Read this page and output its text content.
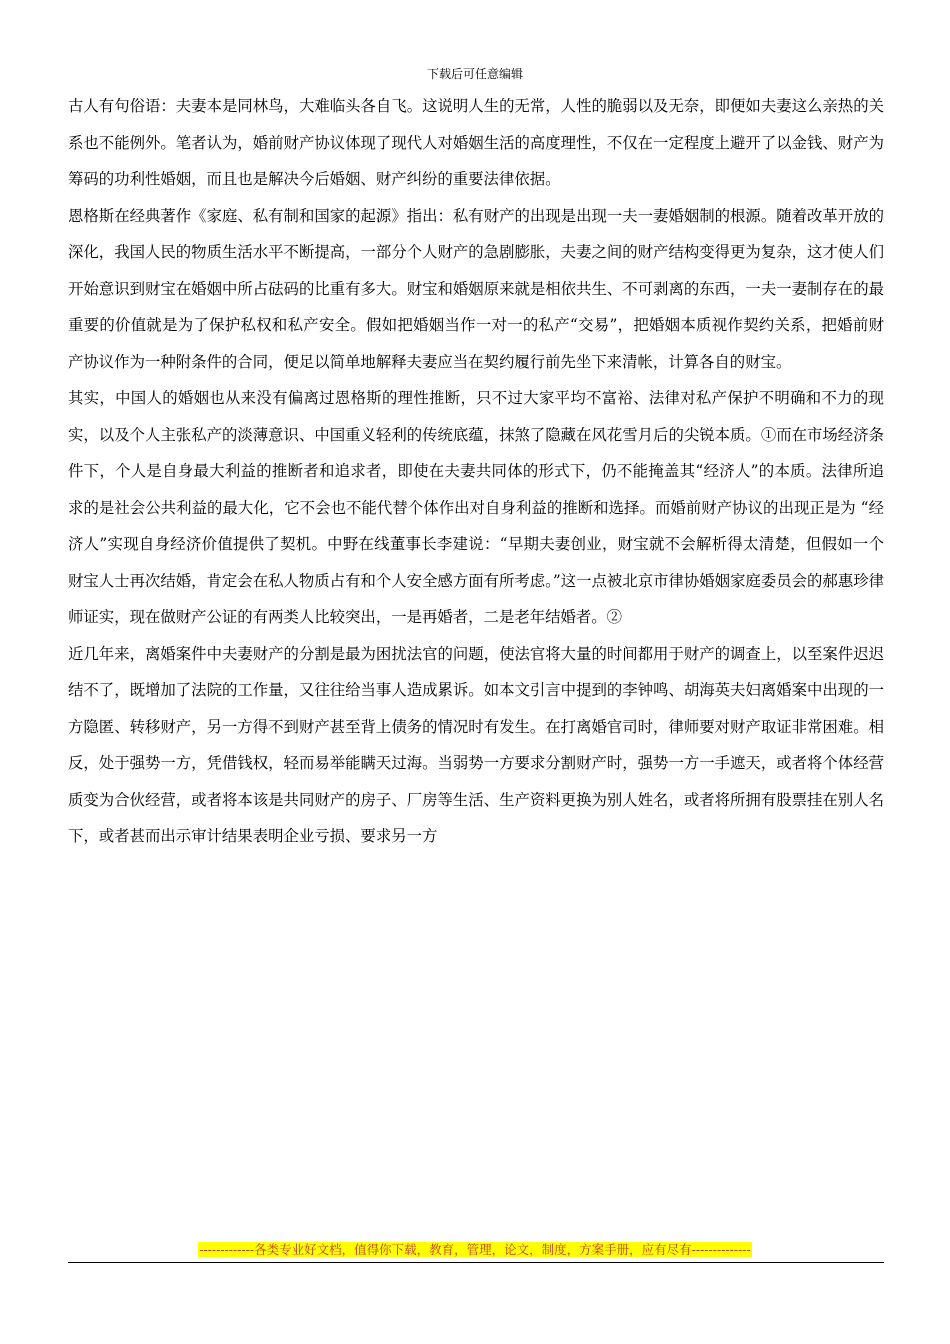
下载后可任意编辑

古人有句俗语：夫妻本是同林鸟，大难临头各自飞。这说明人生的无常，人性的脆弱以及无奈，即便如夫妻这么亲热的关系也不能例外。笔者认为，婚前财产协议体现了现代人对婚姻生活的高度理性，不仅在一定程度上避开了以金钱、财产为筹码的功利性婚姻，而且也是解决今后婚姻、财产纠纷的重要法律依据。

恩格斯在经典著作《家庭、私有制和国家的起源》指出：私有财产的出现是出现一夫一妻婚姻制的根源。随着改革开放的深化，我国人民的物质生活水平不断提高，一部分个人财产的急剧膨胀，夫妻之间的财产结构变得更为复杂，这才使人们开始意识到财宝在婚姻中所占砝码的比重有多大。财宝和婚姻原来就是相依共生、不可剥离的东西，一夫一妻制存在的最重要的价值就是为了保护私权和私产安全。假如把婚姻当作一对一的私产“交易”，把婚姻本质视作契约关系，把婚前财产协议作为一种附条件的合同，便足以简单地解释夫妻应当在契约履行前先坐下来清帐，计算各自的财宝。

其实，中国人的婚姻也从来没有偏离过恩格斯的理性推断，只不过大家平均不富裕、法律对私产保护不明确和不力的现实，以及个人主张私产的淡薄意识、中国重义轻利的传统底蕴，抹煞了隐藏在风花雪月后的尖锐本质。①而在市场经济条件下，个人是自身最大利益的推断者和追求者，即使在夫妻共同体的形式下，仍不能掩盖其“经济人”的本质。法律所追求的是社会公共利益的最大化，它不会也不能代替个体作出对自身利益的推断和选择。而婚前财产协议的出现正是为 “经济人”实现自身经济价值提供了契机。中野在线董事长李建说：“早期夫妻创业，财宝就不会解析得太清楚，但假如一个财宝人士再次结婚，肯定会在私人物质占有和个人安全感方面有所考虑。”这一点被北京市律协婚姻家庭委员会的郝惠珍律师证实，现在做财产公证的有两类人比较突出，一是再婚者，二是老年结婚者。②

近几年来，离婚案件中夫妻财产的分割是最为困扰法官的问题，使法官将大量的时间都用于财产的调查上，以至案件迟迟结不了，既增加了法院的工作量，又往往给当事人造成累诉。如本文引言中提到的李钟鸣、胡海英夫妇离婚案中出现的一方隐匿、转移财产，另一方得不到财产甚至背上债务的情况时有发生。在打离婚官司时，律师要对财产取证非常困难。相反，处于强势一方，凭借钱权，轻而易举能瞒天过海。当弱势一方要求分割财产时，强势一方一手遮天，或者将个体经营质变为合伙经营，或者将本该是共同财产的房子、厂房等生活、生产资料更换为别人姓名，或者将所拥有股票挂在别人名下，或者甚而出示审计结果表明企业亏损、要求另一方

-------------各类专业好文档，值得你下载，教育，管理，论文，制度，方案手册，应有尽有--------------
